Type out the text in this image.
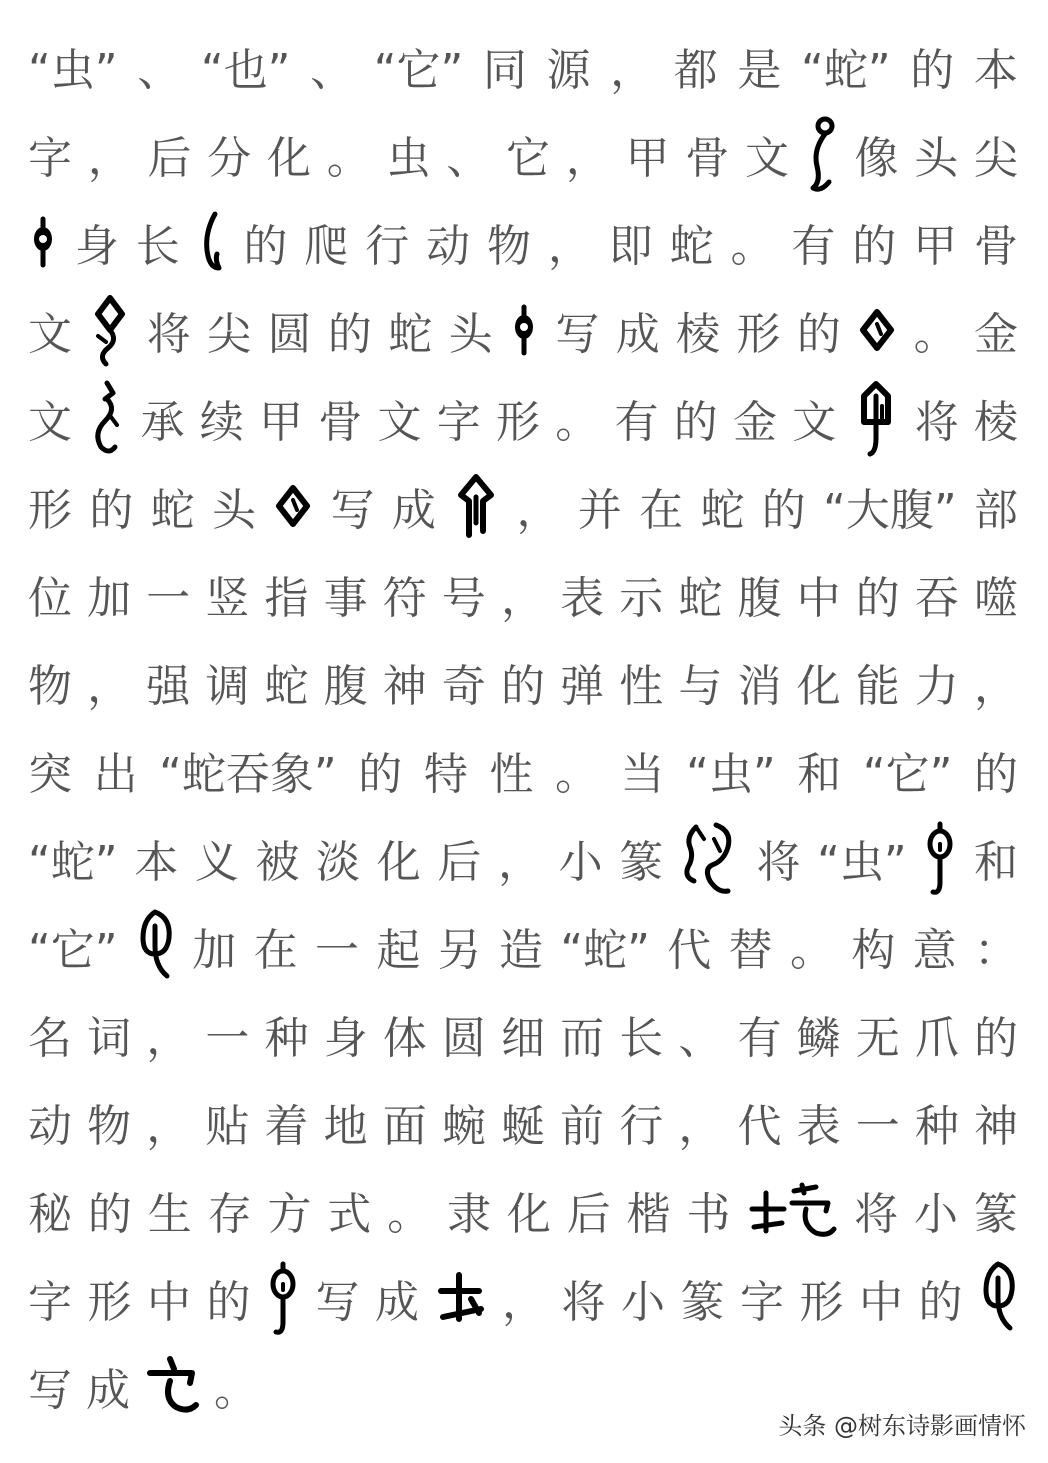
“虫” 、 “也” 、 “它” 同 源 ， 都 是 “蛇” 的 本
字 ， 后 分 化 。 虫 、 它 ， 甲 骨 文 像 头 尖
身 长 的 爬 行 动 物 ， 即 蛇 。 有 的 甲 骨
文 将 尖 圆 的 蛇 头 写 成 棱 形 的 。 金
文 承 续 甲 骨 文 字 形 。 有 的 金 文 将 棱
形 的 蛇 头 写 成 ， 并 在 蛇 的 “大腹” 部
位 加 一 竖 指 事 符 号 ， 表 示 蛇 腹 中 的 吞 噬
物 ， 强 调 蛇 腹 神 奇 的 弹 性 与 消 化 能 力 ，
突 出 “蛇吞象” 的 特 性 。 当 “虫” 和 “它” 的
“蛇” 本 义 被 淡 化 后 ， 小 篆 将 “虫” 和
“它” 加 在 一 起 另 造 “蛇” 代 替 。 构 意 ：
名 词 ， 一 种 身 体 圆 细 而 长 、 有 鳞 无 爪 的
动 物 ， 贴 着 地 面 蜿 蜒 前 行 ， 代 表 一 种 神
秘 的 生 存 方 式 。 隶 化 后 楷 书	将 小 篆
字 形 中 的 写 成 ， 将 小 篆 字 形 中 的
写 成 。
头条 @树东诗影画情怀
